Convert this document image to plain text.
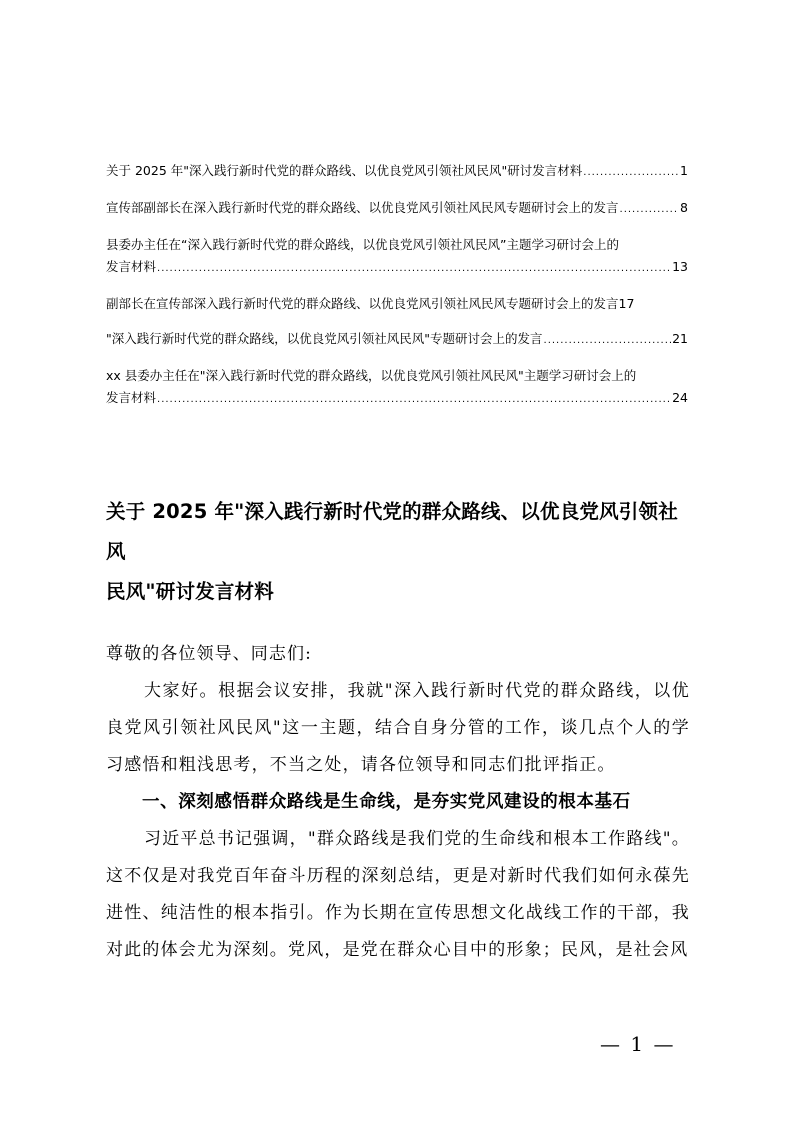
关于 2025 年"深入践行新时代党的群众路线、以优良党风引领社风民风"研讨发言材料 .....	1
宣传部副部长在深入践行新时代党的群众路线、以优良党风引领社风民风专题研讨会上的发言 .....	8
县委办主任在“深入践行新时代党的群众路线，以优良党风引领社风民风”主题学习研讨会上的
发言材料 .....	13
副部长在宣传部深入践行新时代党的群众路线、以优良党风引领社风民风专题研讨会上的发言 17
"深入践行新时代党的群众路线，以优良党风引领社风民风"专题研讨会上的发言 .....	21
xx 县委办主任在"深入践行新时代党的群众路线，以优良党风引领社风民风"主题学习研讨会上的
发言材料 .....	24
关于 2025 年"深入践行新时代党的群众路线、以优良党风引领社风
民风"研讨发言材料

尊敬的各位领导、同志们:

大家好。根据会议安排，我就"深入践行新时代党的群众路线，以优良党风引领社风民风"这一主题，结合自身分管的工作，谈几点个人的学习感悟和粗浅思考，不当之处，请各位领导和同志们批评指正。

一、深刻感悟群众路线是生命线，是夯实党风建设的根本基石

习近平总书记强调，"群众路线是我们党的生命线和根本工作路线"。这不仅是对我党百年奋斗历程的深刻总结，更是对新时代我们如何永葆先进性、纯洁性的根本指引。作为长期在宣传思想文化战线工作的干部，我对此的体会尤为深刻。党风，是党在群众心目中的形象；民风，是社会风

— 1 —
